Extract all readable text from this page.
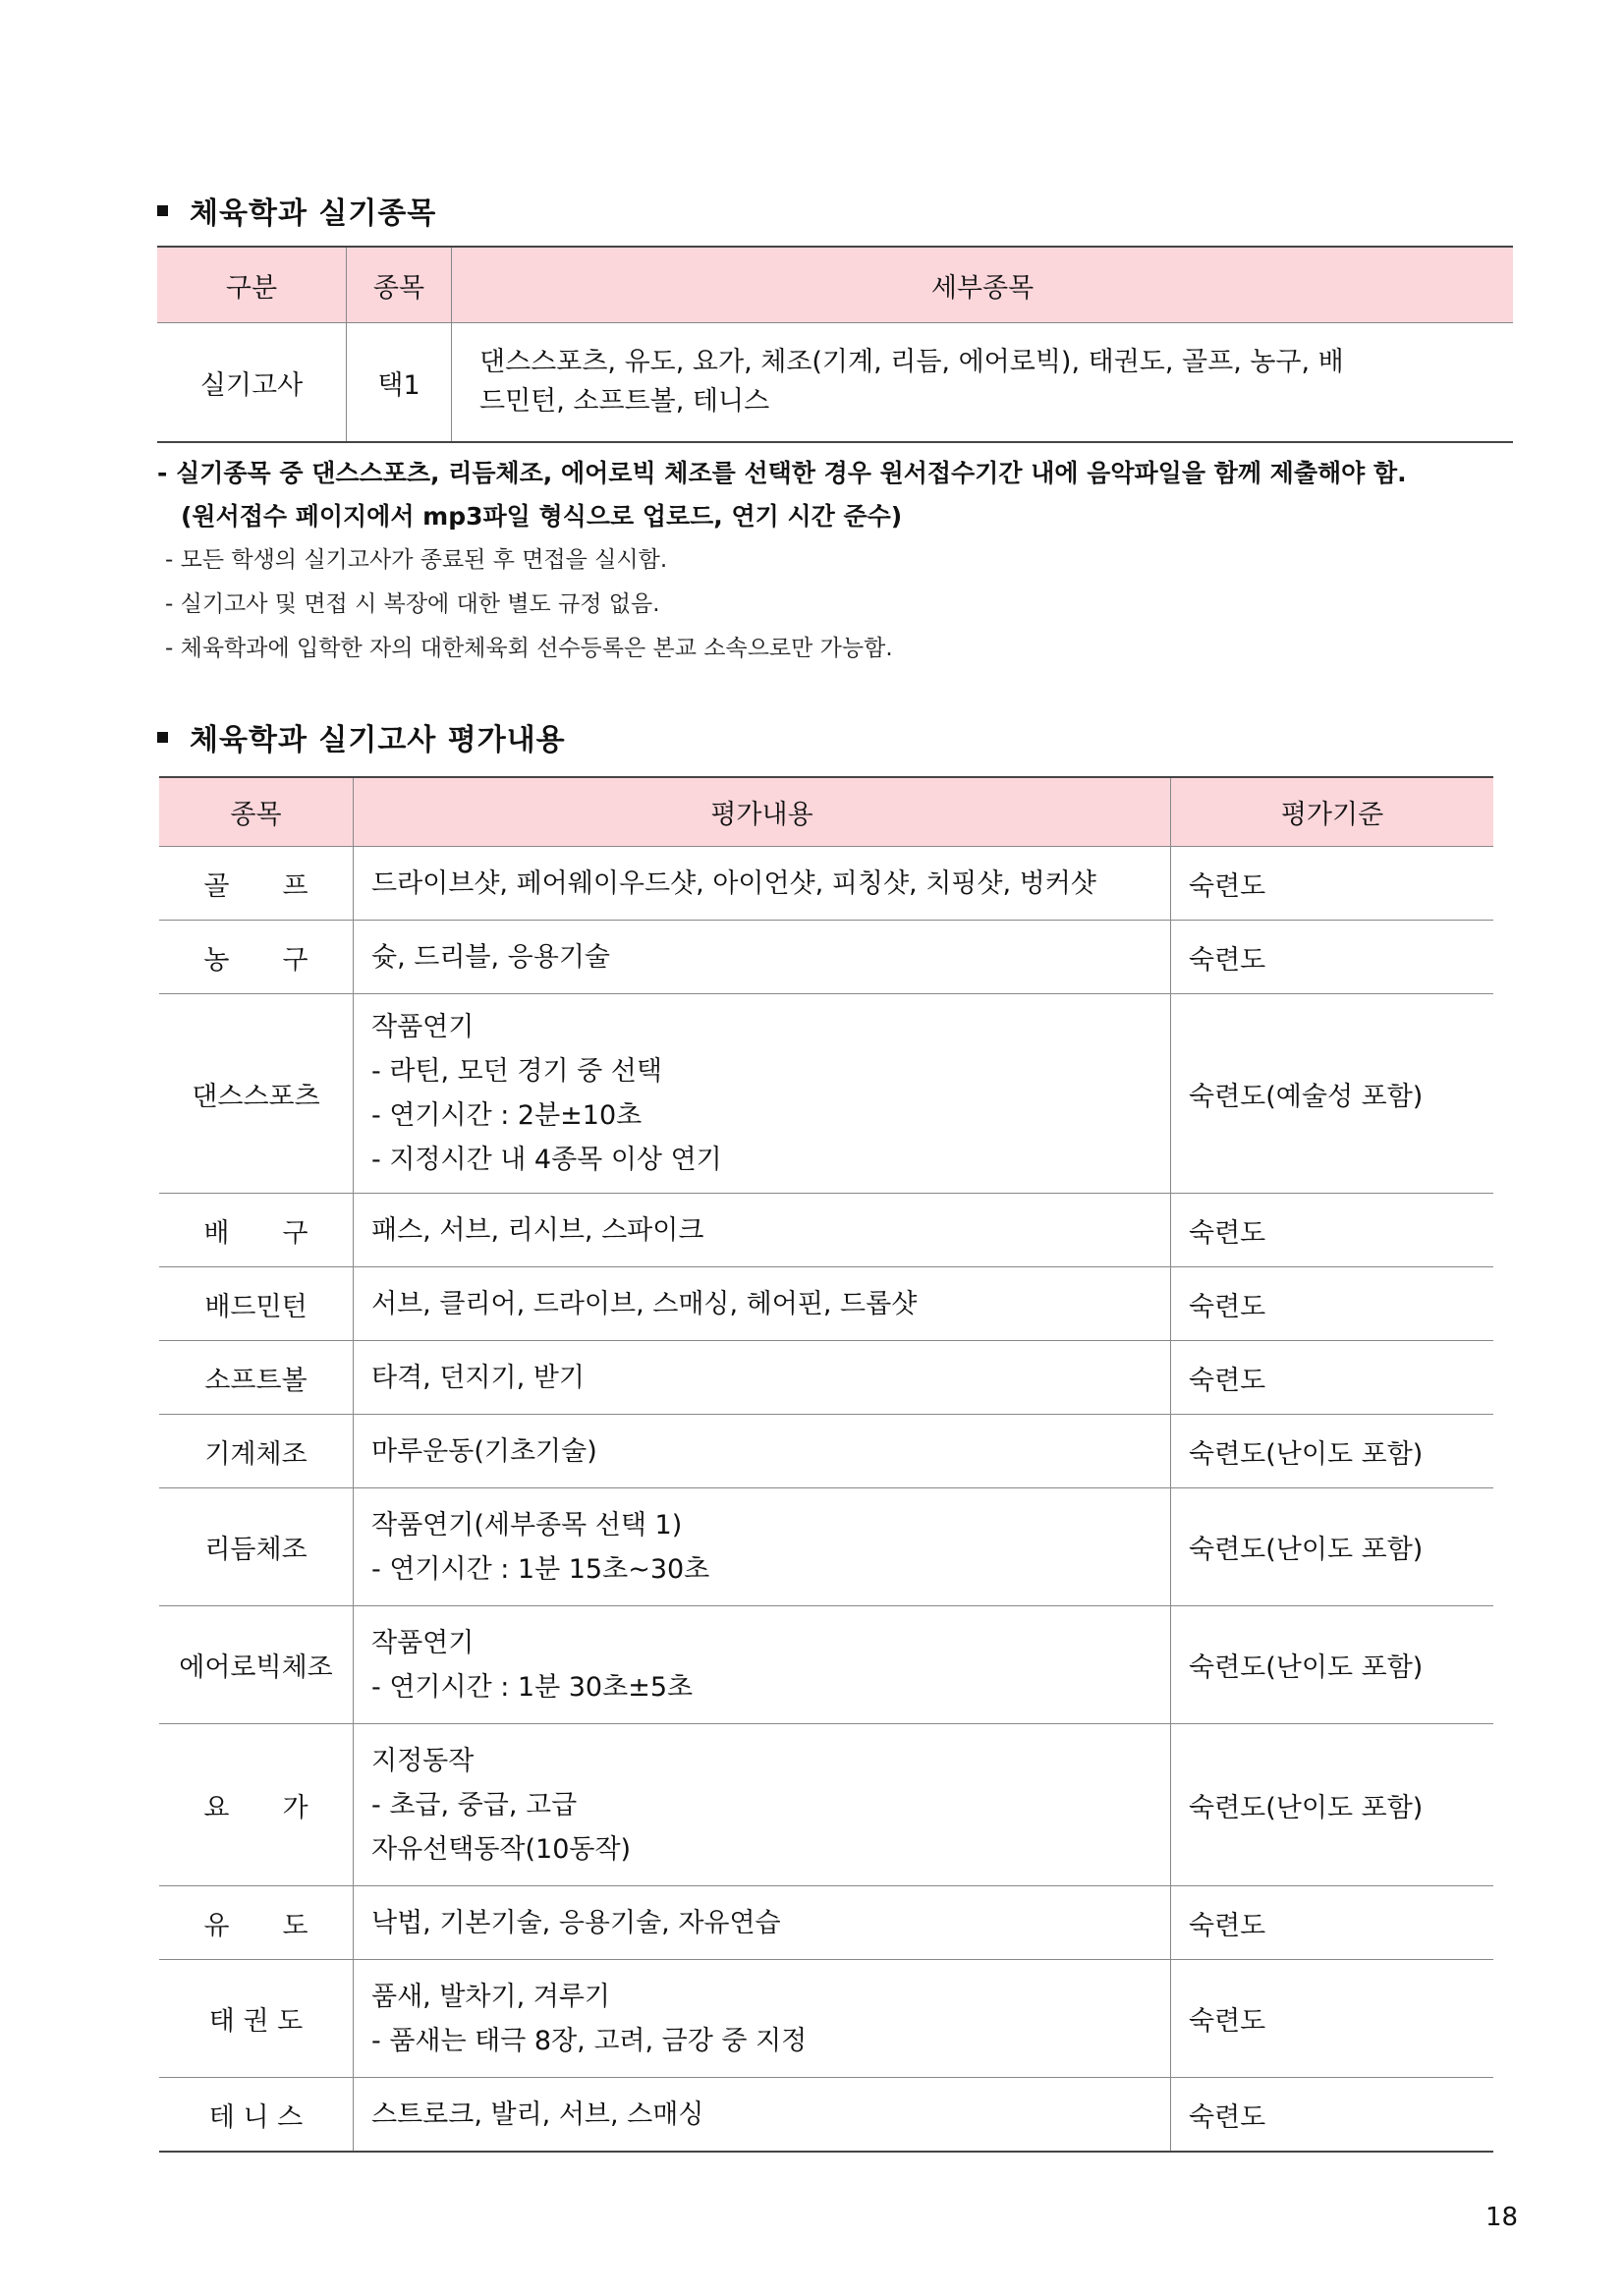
체육학과 실기종목
구분	종목	세부종목
실기고사	택1	댄스스포츠, 유도, 요가, 체조(기계, 리듬, 에어로빅), 태권도, 골프, 농구, 배
드민턴, 소프트볼, 테니스
- 실기종목 중 댄스스포츠, 리듬체조, 에어로빅 체조를 선택한 경우 원서접수기간 내에 음악파일을 함께 제출해야 함.
(원서접수 페이지에서 mp3파일 형식으로 업로드, 연기 시간 준수)
- 모든 학생의 실기고사가 종료된 후 면접을 실시함.
- 실기고사 및 면접 시 복장에 대한 별도 규정 없음.
- 체육학과에 입학한 자의 대한체육회 선수등록은 본교 소속으로만 가능함.
체육학과 실기고사 평가내용
종목	평가내용	평가기준
골　　프	드라이브샷, 페어웨이우드샷, 아이언샷, 피칭샷, 치핑샷, 벙커샷	숙련도
농　　구	슛, 드리블, 응용기술	숙련도
댄스스포츠	작품연기
- 라틴, 모던 경기 중 선택
- 연기시간 : 2분±10초
- 지정시간 내 4종목 이상 연기	숙련도(예술성 포함)
배　　구	패스, 서브, 리시브, 스파이크	숙련도
배드민턴	서브, 클리어, 드라이브, 스매싱, 헤어핀, 드롭샷	숙련도
소프트볼	타격, 던지기, 받기	숙련도
기계체조	마루운동(기초기술)	숙련도(난이도 포함)
리듬체조	작품연기(세부종목 선택 1)
- 연기시간 : 1분 15초~30초	숙련도(난이도 포함)
에어로빅체조	작품연기
- 연기시간 : 1분 30초±5초	숙련도(난이도 포함)
요　　가	지정동작
- 초급, 중급, 고급
자유선택동작(10동작)	숙련도(난이도 포함)
유　　도	낙법, 기본기술, 응용기술, 자유연습	숙련도
태 권 도	품새, 발차기, 겨루기
- 품새는 태극 8장, 고려, 금강 중 지정	숙련도
테 니 스	스트로크, 발리, 서브, 스매싱	숙련도
18
